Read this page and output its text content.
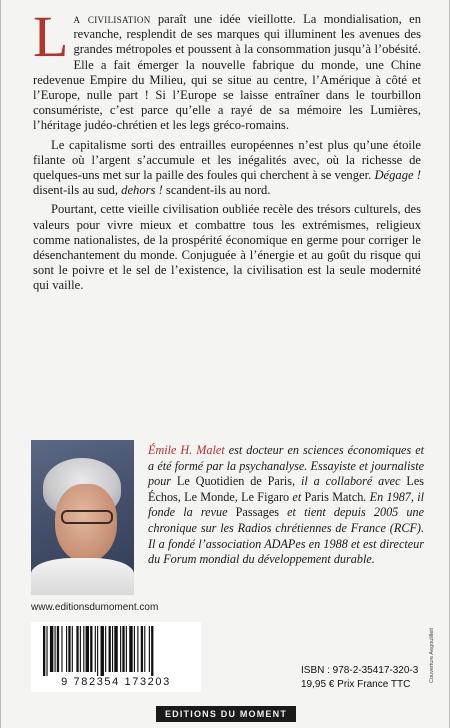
L a civilisation paraît une idée vieillotte. La mondialisation, en revanche, resplendit de ses marques qui illuminent les avenues des grandes métropoles et poussent à la consommation jusqu’à l’obésité. Elle a fait émerger la nouvelle fabrique du monde, une Chine redevenue Empire du Milieu, qui se situe au centre, l’Amérique à côté et l’Europe, nulle part ! Si l’Europe se laisse entraîner dans le tourbillon consumériste, c’est parce qu’elle a rayé de sa mémoire les Lumières, l’héritage judéo-chrétien et les legs gréco-romains.

Le capitalisme sorti des entrailles européennes n’est plus qu’une étoile filante où l’argent s’accumule et les inégalités avec, où la richesse de quelques-uns met sur la paille des foules qui cherchent à se venger. Dégage ! disent-ils au sud, dehors ! scandent-ils au nord.

Pourtant, cette vieille civilisation oubliée recèle des trésors culturels, des valeurs pour vivre mieux et combattre tous les extrémismes, religieux comme nationalistes, de la prospérité économique en germe pour corriger le désenchantement du monde. Conjuguée à l’énergie et au goût du risque qui sont le poivre et le sel de l’existence, la civilisation est la seule modernité qui vaille.

Émile H. Malet est docteur en sciences économiques et a été formé par la psychanalyse. Essayiste et journaliste pour Le Quotidien de Paris, il a collaboré avec Les Échos, Le Monde, Le Figaro et Paris Match. En 1987, il fonde la revue Passages et tient depuis 2005 une chronique sur les Radios chrétiennes de France (RCF). Il a fondé l’association ADAPes en 1988 et est directeur du Forum mondial du développement durable.
www.editionsdumoment.com
9 782354 173203
ISBN : 978-2-35417-320-3
19,95 € Prix France TTC
Couverture Aegoulilleit
EDITIONS DU MOMENT
